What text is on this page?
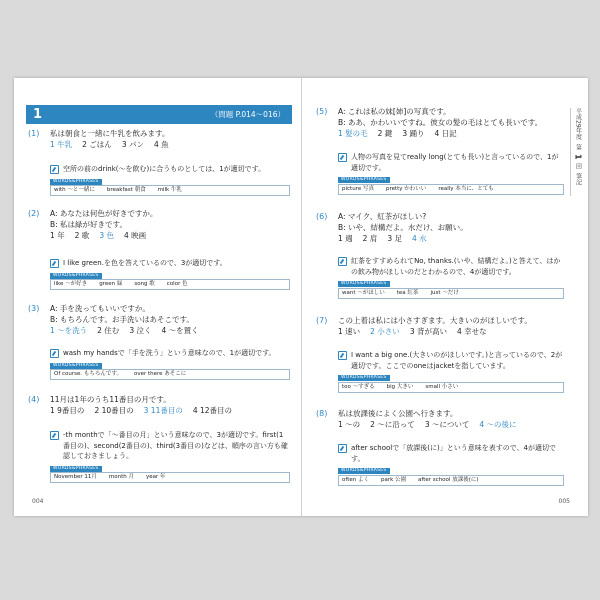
1	（問題 P.014～016）
(1) 私は朝食と一緒に牛乳を飲みます。
1 牛乳 2 ごはん 3 パン 4 魚
空所の前のdrink(～を飲む)に合うものとしては、1が適切です。
WORDS&PHRASES
with ～と一緒に breakfast 朝食 milk 牛乳
(2) A: あなたは何色が好きですか。
B: 私は緑が好きです。
1 年 2 歌 3 色 4 映画
I like green.を色を答えているので、3が適切です。
WORDS&PHRASES
like ～が好き green 緑 song 歌 color 色
(3) A: 手を洗ってもいいですか。
B: もちろんです。お手洗いはあそこです。
1 ～を洗う 2 住む 3 泣く 4 ～を置く
wash my handsで「手を洗う」という意味なので、1が適切です。
WORDS&PHRASES
Of course. もちろんです。 over there あそこに
(4) 11月は1年のうち11番目の月です。
1 9番目の 2 10番目の 3 11番目の 4 12番目の
-th monthで「～番目の月」という意味なので、3が適切です。first(1番目の)、second(2番目の)、third(3番目の)などは、順序の言い方も確認しておきましょう。
WORDS&PHRASES
November 11月 month 月 year 年
004
(5) A: これは私の妹[姉]の写真です。
B: ああ、かわいいですね。彼女の髪の毛はとても長いです。
1 髪の毛 2 鍵 3 踊り 4 日記
人物の写真を見てreally long(とても長い)と言っているので、1が適切です。
WORDS&PHRASES
picture 写真 pretty かわいい really 本当に、とても
(6) A: マイク、紅茶がほしい?
B: いや、結構だよ。水だけ、お願い。
1 週 2 肩 3 足 4 水
紅茶をすすめられてNo, thanks.(いや、結構だよ。)と答えて、はかの飲み物がほしいのだとわかるので、4が適切です。
WORDS&PHRASES
want ～がほしい tea 紅茶 just ～だけ
(7) この上着は私には小さすぎます。大きいのがほしいです。
1 速い 2 小さい 3 背が高い 4 幸せな
I want a big one.(大きいのがほしいです。)と言っているので、2が適切です。ここでのoneはjacketを指しています。
WORDS&PHRASES
too ～すぎる big 大きい small 小さい
(8) 私は放課後によく公園へ行きます。
1 ～の 2 ～に沿って 3 ～について 4 ～の後に
after schoolで「放課後(に)」という意味を表すので、4が適切です。
WORDS&PHRASES
often よく park 公園 after school 放課後(に)
平成29年度
第
1
回
筆記
005
